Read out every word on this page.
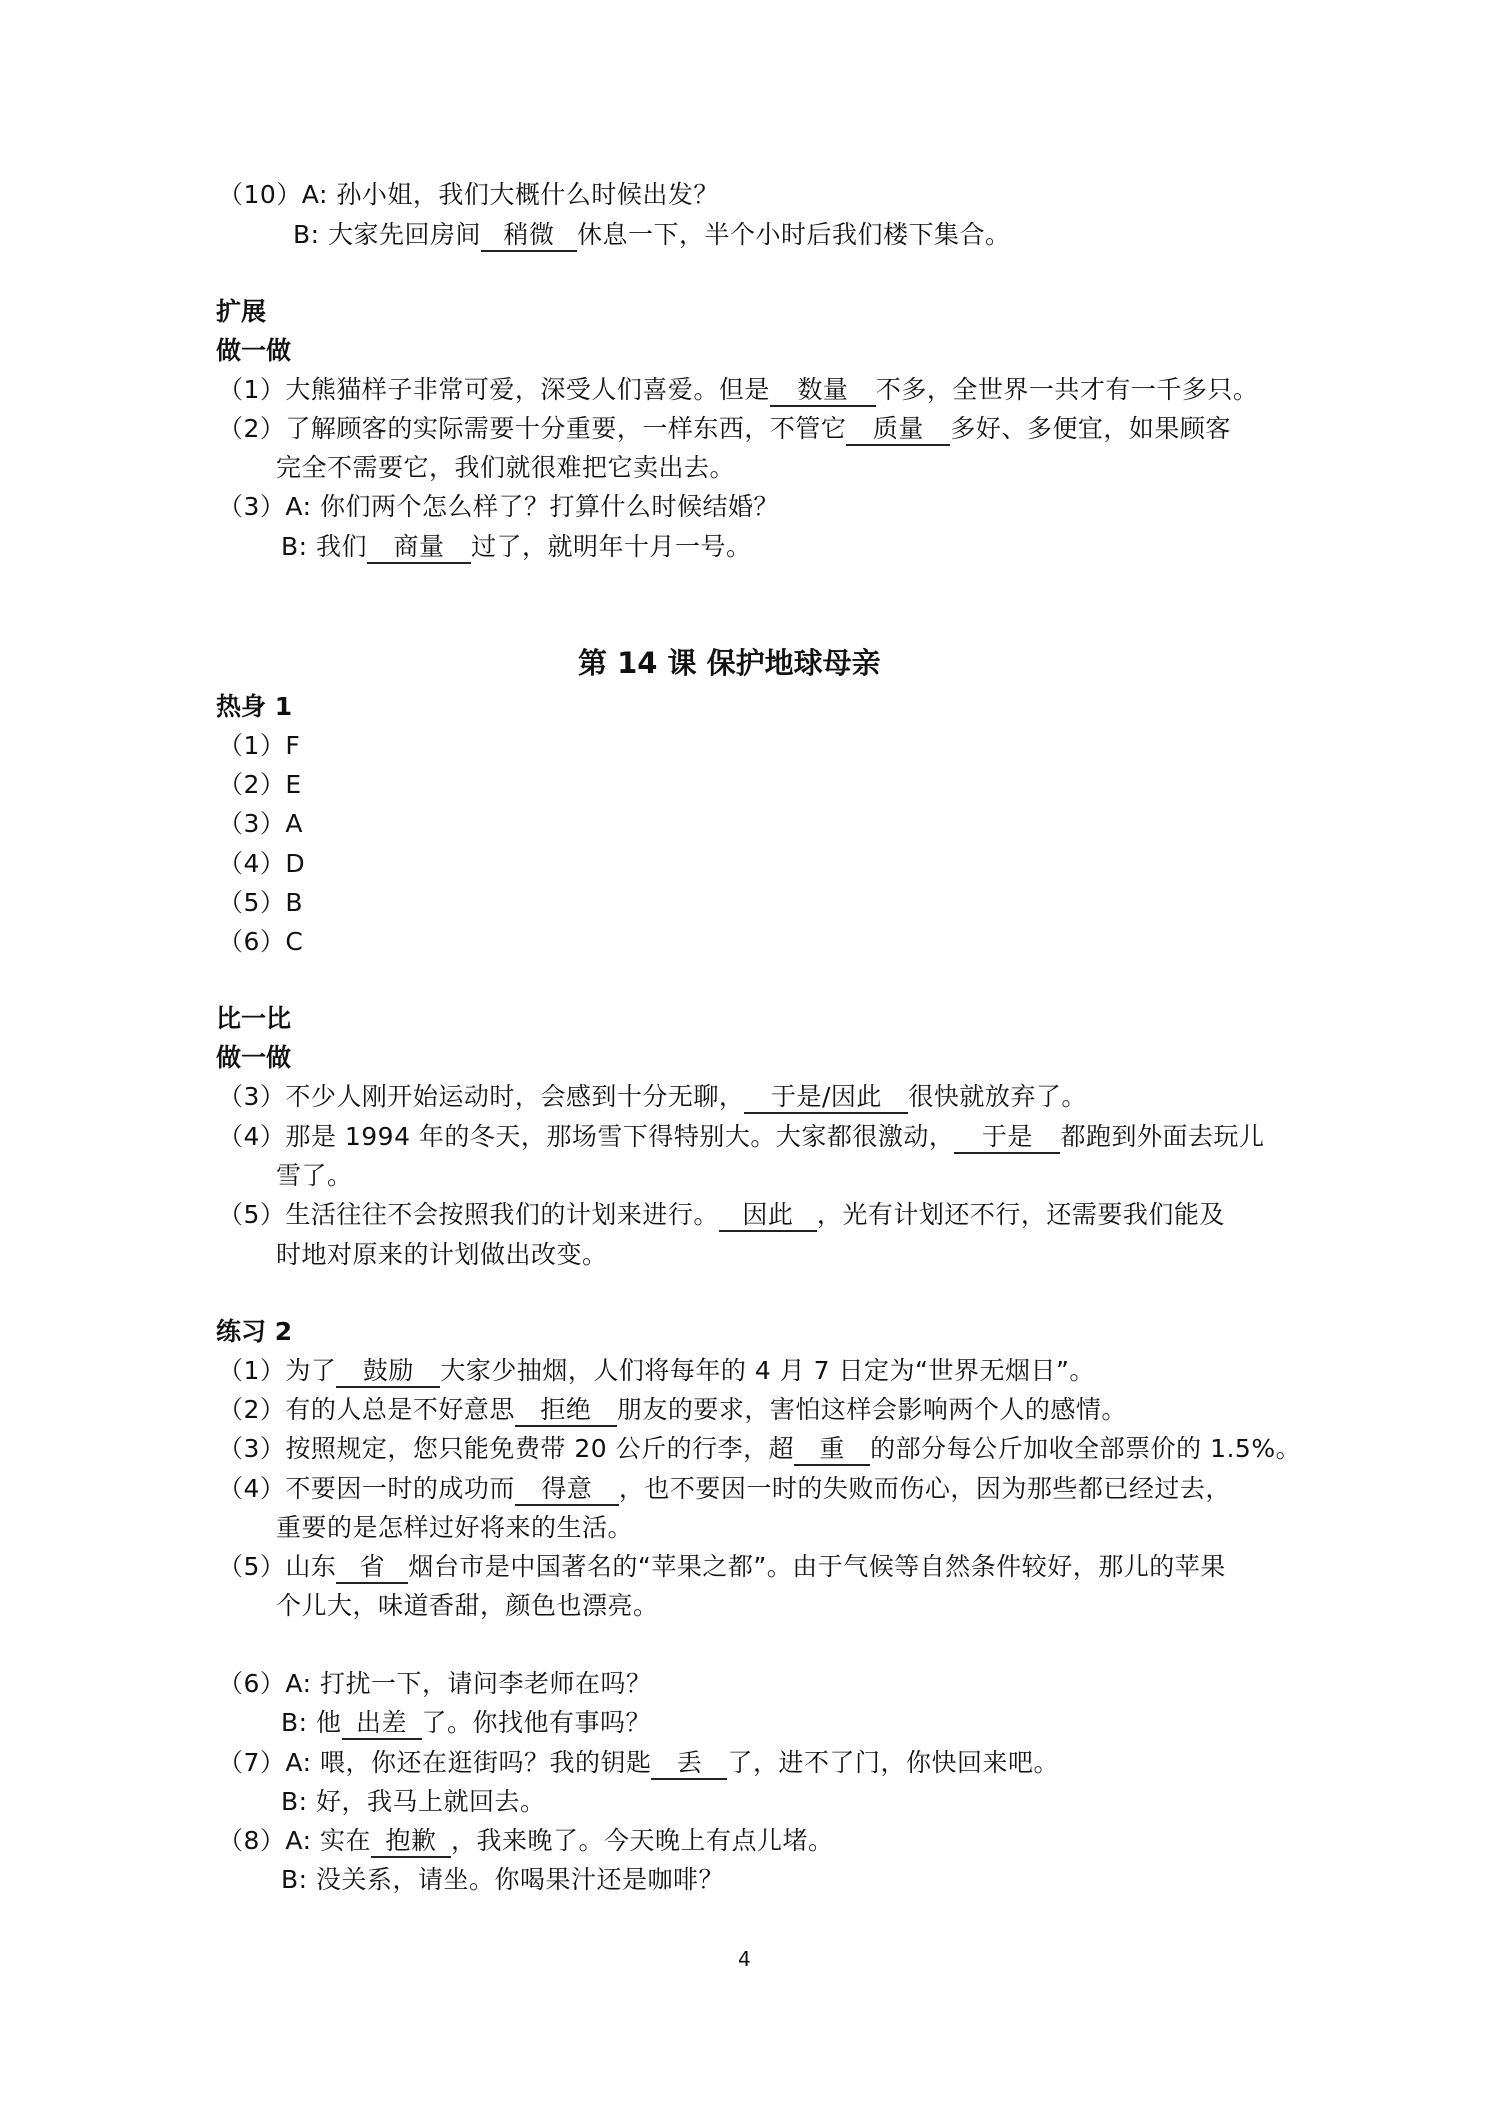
（10）A: 孙小姐，我们大概什么时候出发？
B: 大家先回房间 稍微 休息一下，半个小时后我们楼下集合。
扩展
做一做
（1）大熊猫样子非常可爱，深受人们喜爱。但是 数量 不多，全世界一共才有一千多只。
（2）了解顾客的实际需要十分重要，一样东西，不管它 质量 多好、多便宜，如果顾客
完全不需要它，我们就很难把它卖出去。
（3）A: 你们两个怎么样了？打算什么时候结婚？
B: 我们 商量 过了，就明年十月一号。
第 14 课 保护地球母亲
热身 1
（1）F
（2）E
（3）A
（4）D
（5）B
（6）C
比一比
做一做
（3）不少人刚开始运动时，会感到十分无聊， 于是/因此 很快就放弃了。
（4）那是 1994 年的冬天，那场雪下得特别大。大家都很激动， 于是 都跑到外面去玩儿
雪了。
（5）生活往往不会按照我们的计划来进行。 因此 ，光有计划还不行，还需要我们能及
时地对原来的计划做出改变。
练习 2
（1）为了 鼓励 大家少抽烟，人们将每年的 4 月 7 日定为“世界无烟日”。
（2）有的人总是不好意思 拒绝 朋友的要求，害怕这样会影响两个人的感情。
（3）按照规定，您只能免费带 20 公斤的行李，超 重 的部分每公斤加收全部票价的 1.5%。
（4）不要因一时的成功而 得意 ，也不要因一时的失败而伤心，因为那些都已经过去，
重要的是怎样过好将来的生活。
（5）山东 省 烟台市是中国著名的“苹果之都”。由于气候等自然条件较好，那儿的苹果
个儿大，味道香甜，颜色也漂亮。
（6）A: 打扰一下，请问李老师在吗？
B: 他 出差 了。你找他有事吗？
（7）A: 喂，你还在逛街吗？我的钥匙 丢 了，进不了门，你快回来吧。
B: 好，我马上就回去。
（8）A: 实在 抱歉 ，我来晚了。今天晚上有点儿堵。
B: 没关系，请坐。你喝果汁还是咖啡？
4
